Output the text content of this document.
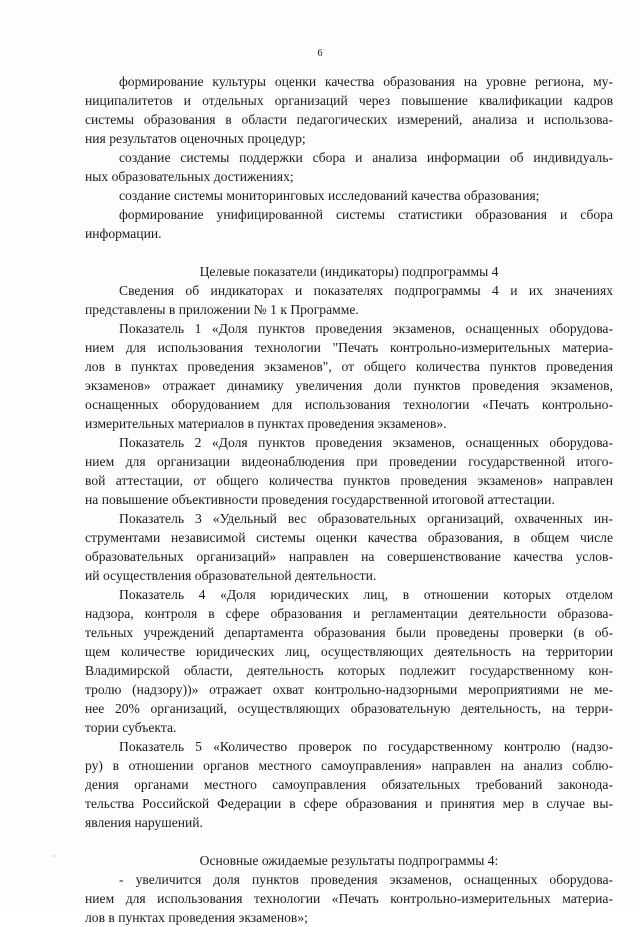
6
формирование культуры оценки качества образования на уровне региона, му-
ниципалитетов и отдельных организаций через повышение квалификации кадров
системы образования в области педагогических измерений, анализа и использова-
ния результатов оценочных процедур;
создание системы поддержки сбора и анализа информации об индивидуаль-
ных образовательных достижениях;
создание системы мониторинговых исследований качества образования;
формирование унифицированной системы статистики образования и сбора
информации.
Целевые показатели (индикаторы) подпрограммы 4
Сведения об индикаторах и показателях подпрограммы 4 и их значениях
представлены в приложении № 1 к Программе.
Показатель 1 «Доля пунктов проведения экзаменов, оснащенных оборудова-
нием для использования технологии "Печать контрольно-измерительных материа-
лов в пунктах проведения экзаменов", от общего количества пунктов проведения
экзаменов» отражает динамику увеличения доли пунктов проведения экзаменов,
оснащенных оборудованием для использования технологии «Печать контрольно-
измерительных материалов в пунктах проведения экзаменов».
Показатель 2 «Доля пунктов проведения экзаменов, оснащенных оборудова-
нием для организации видеонаблюдения при проведении государственной итого-
вой аттестации, от общего количества пунктов проведения экзаменов» направлен
на повышение объективности проведения государственной итоговой аттестации.
Показатель 3 «Удельный вес образовательных организаций, охваченных ин-
струментами независимой системы оценки качества образования, в общем числе
образовательных организаций» направлен на совершенствование качества услов-
ий осуществления образовательной деятельности.
Показатель 4 «Доля юридических лиц, в отношении которых отделом
надзора, контроля в сфере образования и регламентации деятельности образова-
тельных учреждений департамента образования были проведены проверки (в об-
щем количестве юридических лиц, осуществляющих деятельность на территории
Владимирской области, деятельность которых подлежит государственному кон-
тролю (надзору))» отражает охват контрольно-надзорными мероприятиями не ме-
нее 20% организаций, осуществляющих образовательную деятельность, на терри-
тории субъекта.
Показатель 5 «Количество проверок по государственному контролю (надзо-
ру) в отношении органов местного самоуправления» направлен на анализ соблю-
дения органами местного самоуправления обязательных требований законода-
тельства Российской Федерации в сфере образования и принятия мер в случае вы-
явления нарушений.
Основные ожидаемые результаты подпрограммы 4:
- увеличится доля пунктов проведения экзаменов, оснащенных оборудова-
нием для использования технологии «Печать контрольно-измерительных материа-
лов в пунктах проведения экзаменов»;
